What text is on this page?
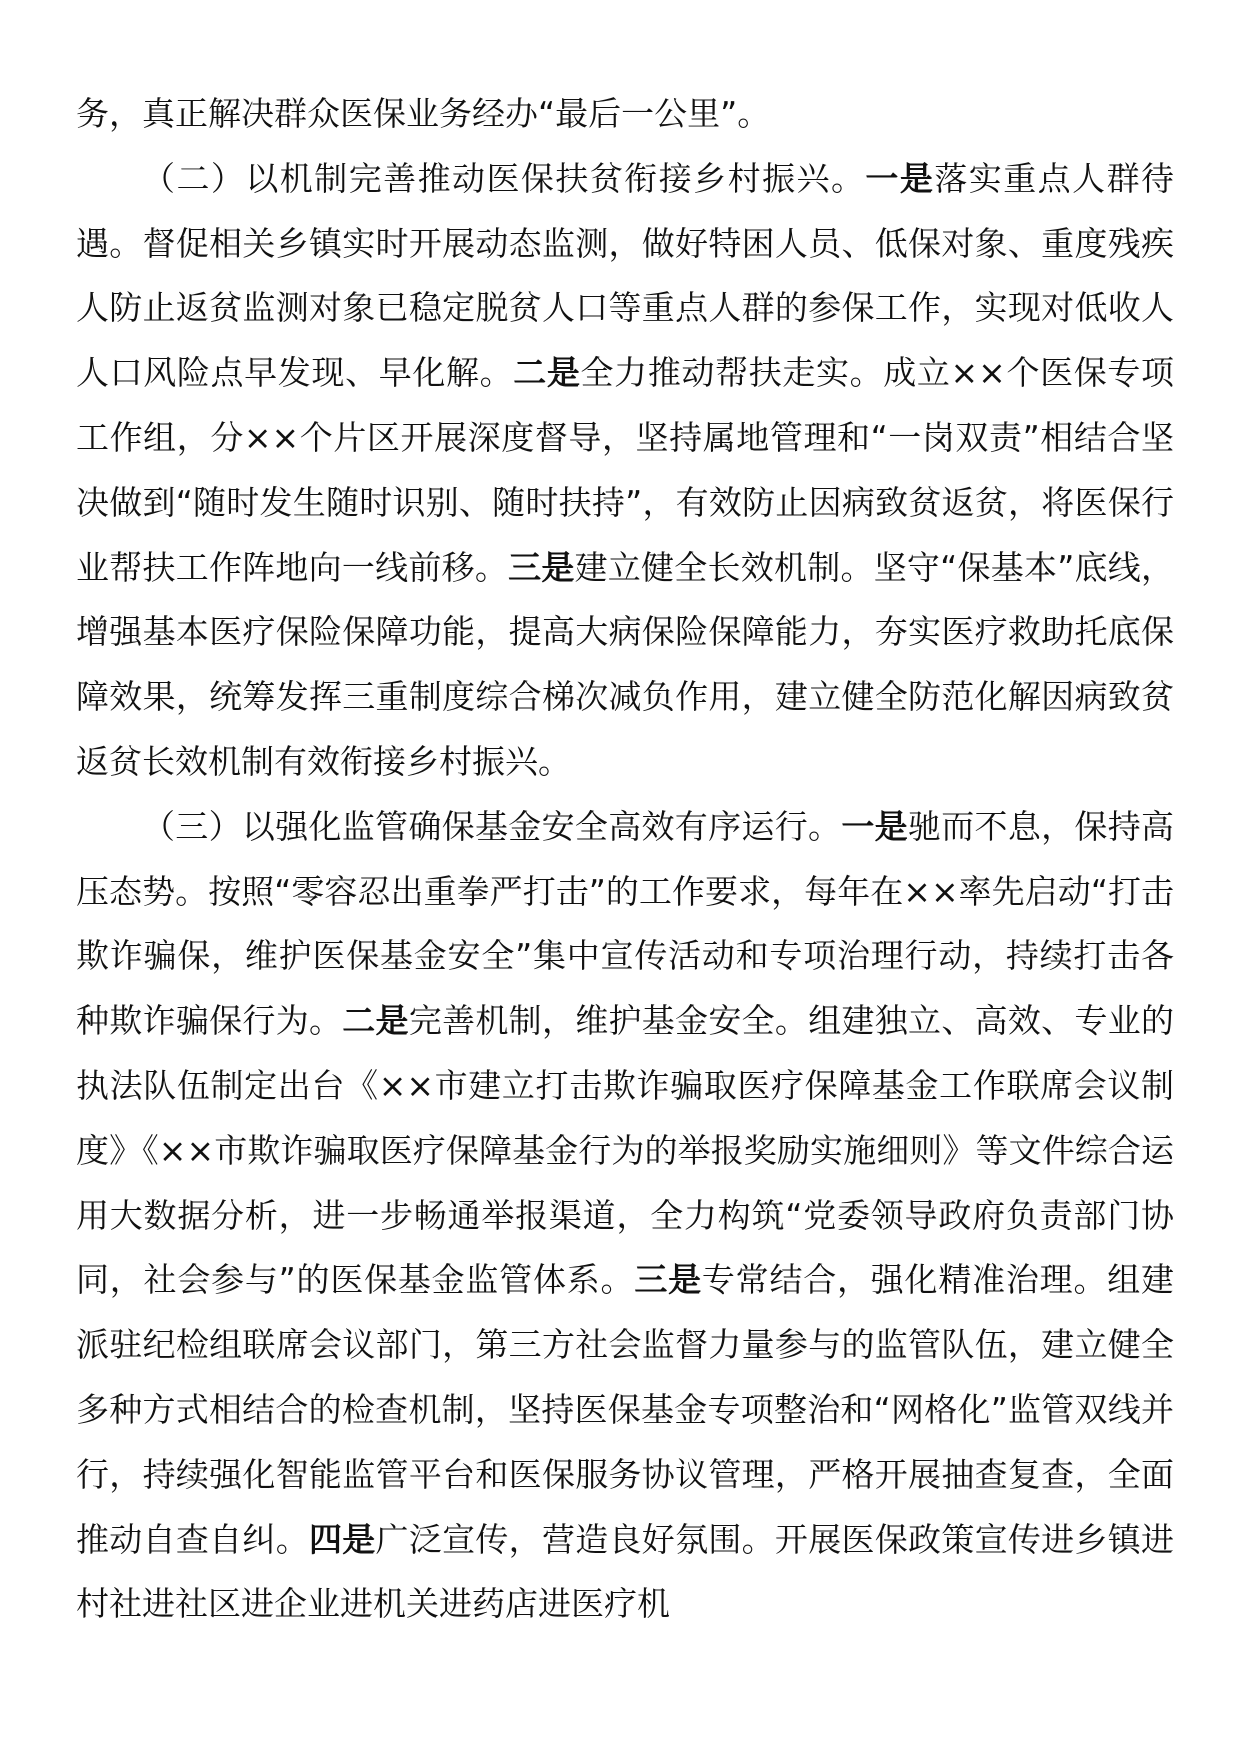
务，真正解决群众医保业务经办“最后一公里”。

（二）以机制完善推动医保扶贫衔接乡村振兴。一是落实重点人群待遇。督促相关乡镇实时开展动态监测，做好特困人员、低保对象、重度残疾人防止返贫监测对象已稳定脱贫人口等重点人群的参保工作，实现对低收人人口风险点早发现、早化解。二是全力推动帮扶走实。成立××个医保专项工作组，分××个片区开展深度督导，坚持属地管理和“一岗双责”相结合坚决做到“随时发生随时识别、随时扶持”，有效防止因病致贫返贫，将医保行业帮扶工作阵地向一线前移。三是建立健全长效机制。坚守“保基本”底线，增强基本医疗保险保障功能，提高大病保险保障能力，夯实医疗救助托底保障效果，统筹发挥三重制度综合梯次减负作用，建立健全防范化解因病致贫返贫长效机制有效衔接乡村振兴。

（三）以强化监管确保基金安全高效有序运行。一是驰而不息，保持高压态势。按照“零容忍出重拳严打击”的工作要求，每年在××率先启动“打击欺诈骗保，维护医保基金安全”集中宣传活动和专项治理行动，持续打击各种欺诈骗保行为。二是完善机制，维护基金安全。组建独立、高效、专业的执法队伍制定出台《××市建立打击欺诈骗取医疗保障基金工作联席会议制度》《××市欺诈骗取医疗保障基金行为的举报奖励实施细则》等文件综合运用大数据分析，进一步畅通举报渠道，全力构筑“党委领导政府负责部门协同，社会参与”的医保基金监管体系。三是专常结合，强化精准治理。组建派驻纪检组联席会议部门，第三方社会监督力量参与的监管队伍，建立健全多种方式相结合的检查机制，坚持医保基金专项整治和“网格化”监管双线并行，持续强化智能监管平台和医保服务协议管理，严格开展抽查复查，全面推动自查自纠。四是广泛宣传，营造良好氛围。开展医保政策宣传进乡镇进村社进社区进企业进机关进药店进医疗机
